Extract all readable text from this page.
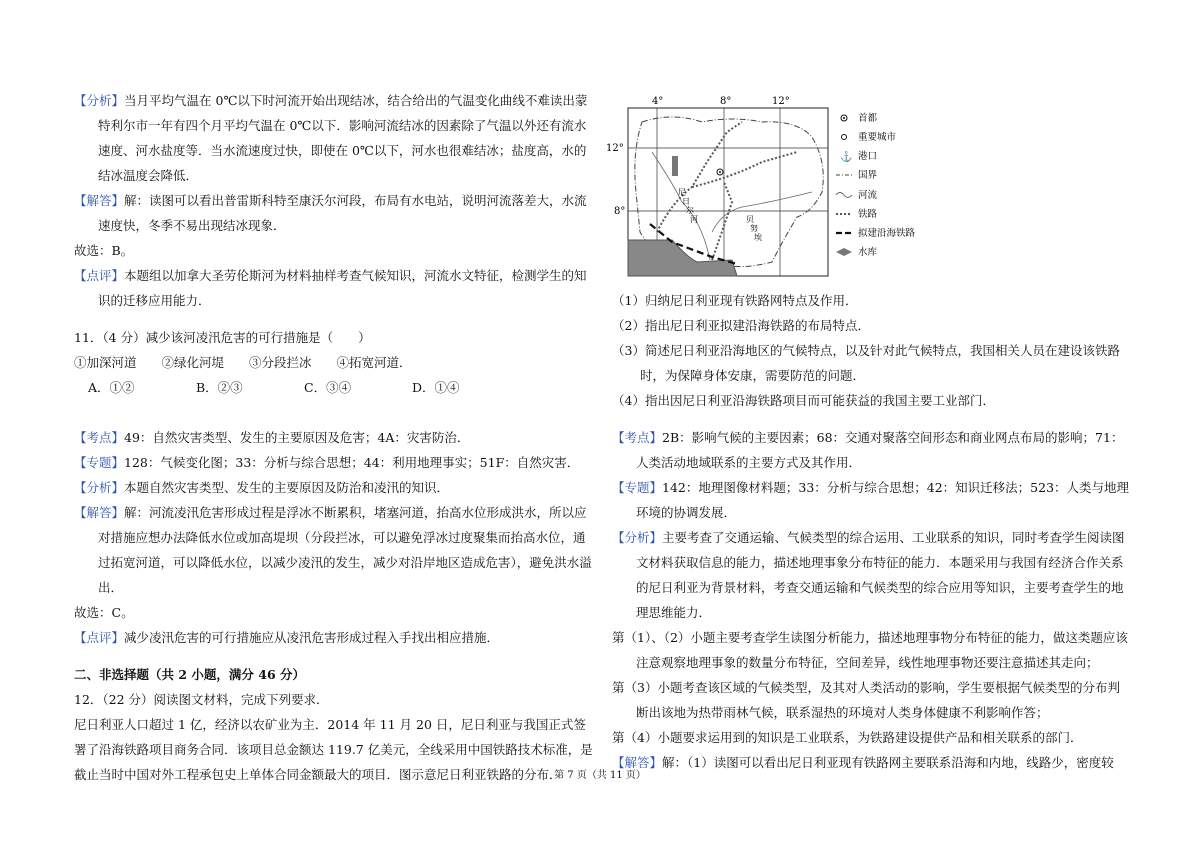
【分析】当月平均气温在 0℃以下时河流开始出现结冰，结合给出的气温变化曲线不难读出蒙特利尔市一年有四个月平均气温在 0℃以下．影响河流结冰的因素除了气温以外还有流水速度、河水盐度等．当水流速度过快，即使在 0℃以下，河水也很难结冰；盐度高，水的结冰温度会降低．

【解答】解：读图可以看出普雷斯科特至康沃尔河段，布局有水电站，说明河流落差大，水流速度快，冬季不易出现结冰现象．

故选：B。

【点评】本题组以加拿大圣劳伦斯河为材料抽样考查气候知识，河流水文特征，检测学生的知识的迁移应用能力．

11．（4 分）减少该河凌汛危害的可行措施是（　　）

①加深河道　　②绿化河堤　　③分段拦冰　　④拓宽河道．

A．①②	B．②③	C．③④	D．①④

【考点】49：自然灾害类型、发生的主要原因及危害；4A：灾害防治．

【专题】128：气候变化图；33：分析与综合思想；44：利用地理事实；51F：自然灾害．

【分析】本题自然灾害类型、发生的主要原因及防治和凌汛的知识．

【解答】解：河流凌汛危害形成过程是浮冰不断累积，堵塞河道，抬高水位形成洪水，所以应对措施应想办法降低水位或加高堤坝（分段拦冰，可以避免浮冰过度聚集而抬高水位，通过拓宽河道，可以降低水位，以减少凌汛的发生，减少对沿岸地区造成危害），避免洪水溢出．

故选：C。

【点评】减少凌汛危害的可行措施应从凌汛危害形成过程入手找出相应措施．

二、非选择题（共 2 小题，满分 46 分）

12．（22 分）阅读图文材料，完成下列要求．

尼日利亚人口超过 1 亿，经济以农矿业为主．2014 年 11 月 20 日，尼日利亚与我国正式签署了沿海铁路项目商务合同．该项目总金额达 119.7 亿美元，全线采用中国铁路技术标准，是截止当时中国对外工程承包史上单体合同金额最大的项目．图示意尼日利亚铁路的分布．

4°	8°	12°
12°
8°
尼
日
尔
河	贝
努
埃
首都
重要城市
⚓ 港口
国界
河流
铁路
拟建沿海铁路
水库

（1）归纳尼日利亚现有铁路网特点及作用．

（2）指出尼日利亚拟建沿海铁路的布局特点．

（3）简述尼日利亚沿海地区的气候特点，以及针对此气候特点，我国相关人员在建设该铁路时，为保障身体安康，需要防范的问题．

（4）指出因尼日利亚沿海铁路项目而可能获益的我国主要工业部门．

【考点】2B：影响气候的主要因素；68：交通对聚落空间形态和商业网点布局的影响；71：人类活动地域联系的主要方式及其作用．

【专题】142：地理图像材料题；33：分析与综合思想；42：知识迁移法；523：人类与地理环境的协调发展．

【分析】主要考查了交通运输、气候类型的综合运用、工业联系的知识，同时考查学生阅读图文材料获取信息的能力，描述地理事象分布特征的能力．本题采用与我国有经济合作关系的尼日利亚为背景材料，考查交通运输和气候类型的综合应用等知识，主要考查学生的地理思维能力．

第（1）、（2）小题主要考查学生读图分析能力，描述地理事物分布特征的能力，做这类题应该注意观察地理事象的数量分布特征，空间差异，线性地理事物还要注意描述其走向；

第（3）小题考查该区域的气候类型，及其对人类活动的影响，学生要根据气候类型的分布判断出该地为热带雨林气候，联系湿热的环境对人类身体健康不利影响作答；

第（4）小题要求运用到的知识是工业联系，为铁路建设提供产品和相关联系的部门．

【解答】解：（1）读图可以看出尼日利亚现有铁路网主要联系沿海和内地，线路少，密度较

第 7 页（共 11 页）
